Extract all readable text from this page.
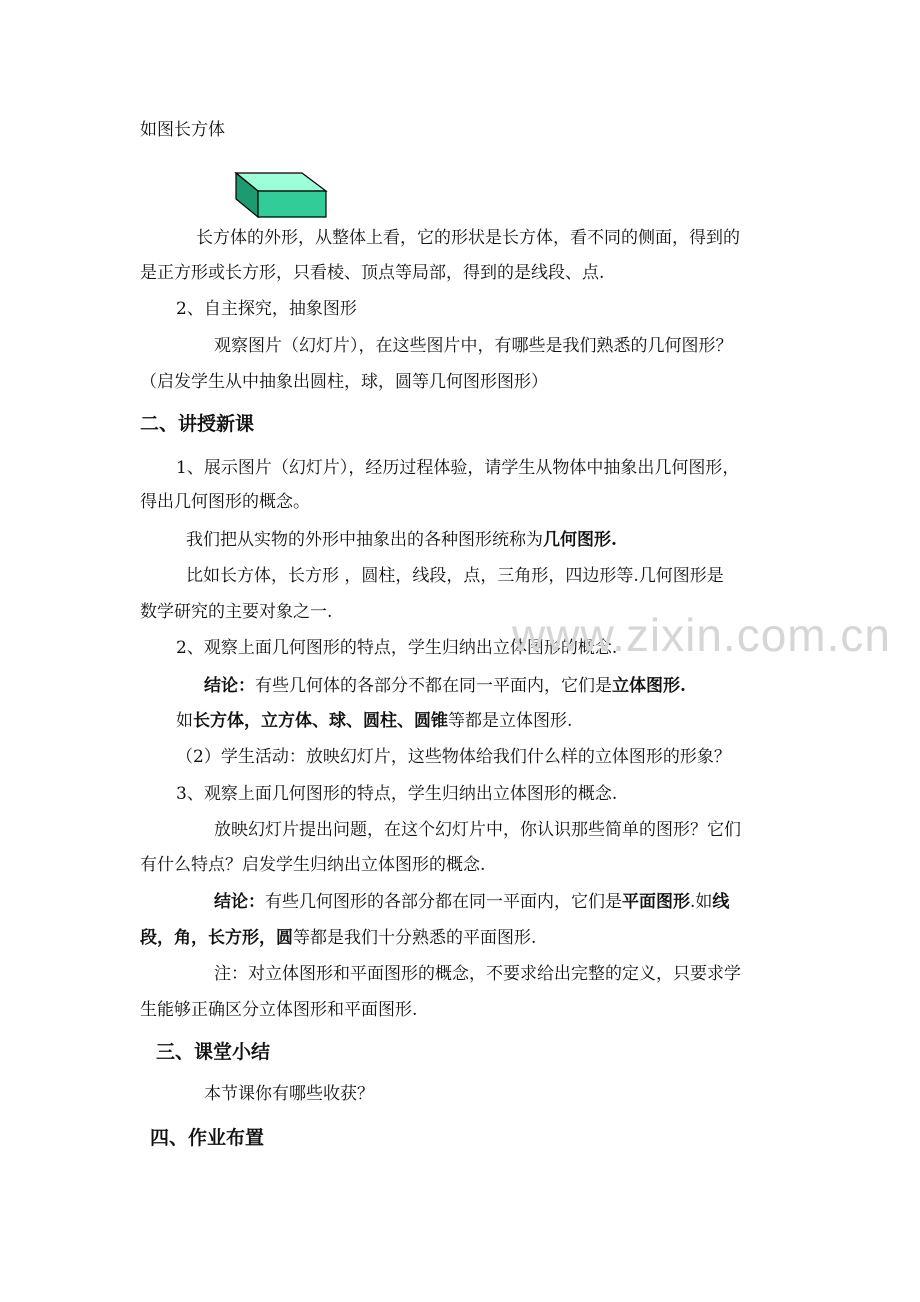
如图长方体
长方体的外形，从整体上看，它的形状是长方体，看不同的侧面，得到的
是正方形或长方形，只看棱、顶点等局部，得到的是线段、点.
2、自主探究，抽象图形
观察图片（幻灯片），在这些图片中，有哪些是我们熟悉的几何图形？
（启发学生从中抽象出圆柱，球，圆等几何图形图形）
二、讲授新课
1、展示图片（幻灯片），经历过程体验，请学生从物体中抽象出几何图形，
得出几何图形的概念。
我们把从实物的外形中抽象出的各种图形统称为几何图形.
比如长方体，长方形 ，圆柱，线段，点，三角形，四边形等.几何图形是
数学研究的主要对象之一.
2、观察上面几何图形的特点，学生归纳出立体图形的概念.
结论：有些几何体的各部分不都在同一平面内，它们是立体图形.
如长方体，立方体、球、圆柱、圆锥等都是立体图形.
（2）学生活动：放映幻灯片，这些物体给我们什么样的立体图形的形象？
3、观察上面几何图形的特点，学生归纳出立体图形的概念.
放映幻灯片提出问题，在这个幻灯片中，你认识那些简单的图形？它们
有什么特点？启发学生归纳出立体图形的概念.
结论：有些几何图形的各部分都在同一平面内，它们是平面图形.如线
段，角，长方形，圆等都是我们十分熟悉的平面图形.
注：对立体图形和平面图形的概念，不要求给出完整的定义，只要求学
生能够正确区分立体图形和平面图形.
三、课堂小结
本节课你有哪些收获？
四、作业布置
www.zixin.com.cn
